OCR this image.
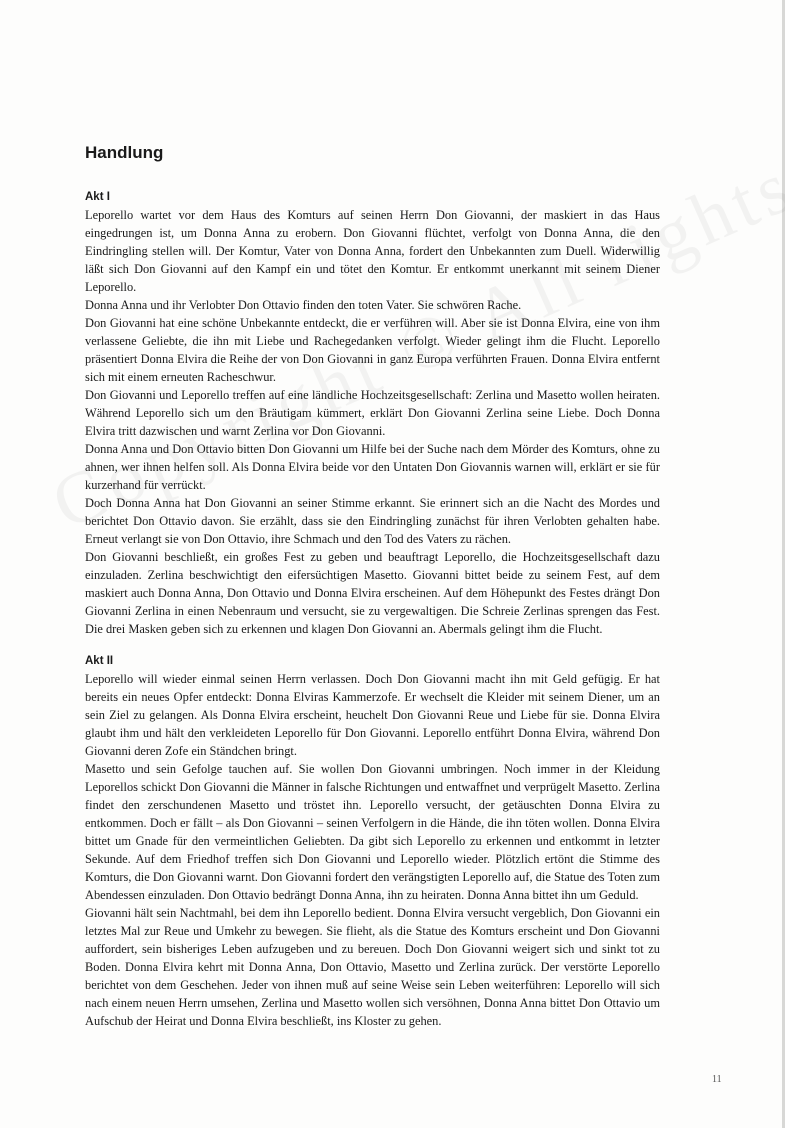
Handlung
Akt I

Leporello wartet vor dem Haus des Komturs auf seinen Herrn Don Giovanni, der maskiert in das Haus eingedrungen ist, um Donna Anna zu erobern. Don Giovanni flüchtet, verfolgt von Donna Anna, die den Eindringling stellen will. Der Komtur, Vater von Donna Anna, fordert den Unbekannten zum Duell. Widerwillig läßt sich Don Giovanni auf den Kampf ein und tötet den Komtur. Er entkommt unerkannt mit seinem Diener Leporello.

Donna Anna und ihr Verlobter Don Ottavio finden den toten Vater. Sie schwören Rache.

Don Giovanni hat eine schöne Unbekannte entdeckt, die er verführen will. Aber sie ist Donna Elvira, eine von ihm verlassene Geliebte, die ihn mit Liebe und Rachegedanken verfolgt. Wieder gelingt ihm die Flucht. Leporello präsentiert Donna Elvira die Reihe der von Don Giovanni in ganz Europa verführten Frauen. Donna Elvira entfernt sich mit einem erneuten Racheschwur.

Don Giovanni und Leporello treffen auf eine ländliche Hochzeitsgesellschaft: Zerlina und Masetto wollen heiraten. Während Leporello sich um den Bräutigam kümmert, erklärt Don Giovanni Zerlina seine Liebe. Doch Donna Elvira tritt dazwischen und warnt Zerlina vor Don Giovanni.

Donna Anna und Don Ottavio bitten Don Giovanni um Hilfe bei der Suche nach dem Mörder des Komturs, ohne zu ahnen, wer ihnen helfen soll. Als Donna Elvira beide vor den Untaten Don Giovannis warnen will, erklärt er sie für kurzerhand für verrückt.

Doch Donna Anna hat Don Giovanni an seiner Stimme erkannt. Sie erinnert sich an die Nacht des Mordes und berichtet Don Ottavio davon. Sie erzählt, dass sie den Eindringling zunächst für ihren Verlobten gehalten habe. Erneut verlangt sie von Don Ottavio, ihre Schmach und den Tod des Vaters zu rächen.

Don Giovanni beschließt, ein großes Fest zu geben und beauftragt Leporello, die Hochzeitsgesellschaft dazu einzuladen. Zerlina beschwichtigt den eifersüchtigen Masetto. Giovanni bittet beide zu seinem Fest, auf dem maskiert auch Donna Anna, Don Ottavio und Donna Elvira erscheinen. Auf dem Höhepunkt des Festes drängt Don Giovanni Zerlina in einen Nebenraum und versucht, sie zu vergewaltigen. Die Schreie Zerlinas sprengen das Fest. Die drei Masken geben sich zu erkennen und klagen Don Giovanni an. Abermals gelingt ihm die Flucht.

Akt II

Leporello will wieder einmal seinen Herrn verlassen. Doch Don Giovanni macht ihn mit Geld gefügig. Er hat bereits ein neues Opfer entdeckt: Donna Elviras Kammerzofe. Er wechselt die Kleider mit seinem Diener, um an sein Ziel zu gelangen. Als Donna Elvira erscheint, heuchelt Don Giovanni Reue und Liebe für sie. Donna Elvira glaubt ihm und hält den verkleideten Leporello für Don Giovanni. Leporello entführt Donna Elvira, während Don Giovanni deren Zofe ein Ständchen bringt.

Masetto und sein Gefolge tauchen auf. Sie wollen Don Giovanni umbringen. Noch immer in der Kleidung Leporellos schickt Don Giovanni die Männer in falsche Richtungen und entwaffnet und verprügelt Masetto. Zerlina findet den zerschundenen Masetto und tröstet ihn. Leporello versucht, der getäuschten Donna Elvira zu entkommen. Doch er fällt – als Don Giovanni – seinen Verfolgern in die Hände, die ihn töten wollen. Donna Elvira bittet um Gnade für den vermeintlichen Geliebten. Da gibt sich Leporello zu erkennen und entkommt in letzter Sekunde. Auf dem Friedhof treffen sich Don Giovanni und Leporello wieder. Plötzlich ertönt die Stimme des Komturs, die Don Giovanni warnt. Don Giovanni fordert den verängstigten Leporello auf, die Statue des Toten zum Abendessen einzuladen. Don Ottavio bedrängt Donna Anna, ihn zu heiraten. Donna Anna bittet ihn um Geduld.

Giovanni hält sein Nachtmahl, bei dem ihn Leporello bedient. Donna Elvira versucht vergeblich, Don Giovanni ein letztes Mal zur Reue und Umkehr zu bewegen. Sie flieht, als die Statue des Komturs erscheint und Don Giovanni auffordert, sein bisheriges Leben aufzugeben und zu bereuen. Doch Don Giovanni weigert sich und sinkt tot zu Boden. Donna Elvira kehrt mit Donna Anna, Don Ottavio, Masetto und Zerlina zurück. Der verstörte Leporello berichtet von dem Geschehen. Jeder von ihnen muß auf seine Weise sein Leben weiterführen: Leporello will sich nach einem neuen Herrn umsehen, Zerlina und Masetto wollen sich versöhnen, Donna Anna bittet Don Ottavio um Aufschub der Heirat und Donna Elvira beschließt, ins Kloster zu gehen.

11
